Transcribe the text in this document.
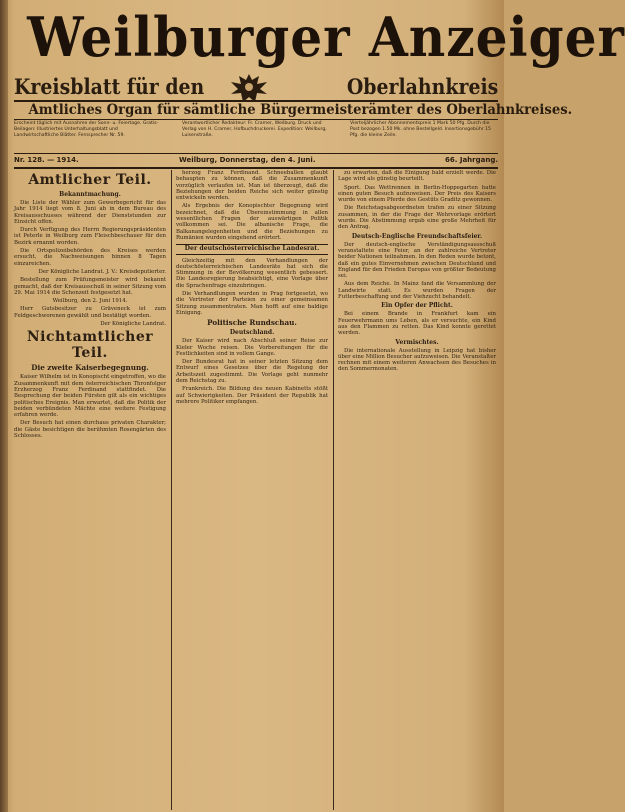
Weilburger Anzeiger
Kreisblatt für den	Oberlahnkreis
Amtliches Organ für sämtliche Bürgermeisterämter des Oberlahnkreises.
Erscheint täglich mit Ausnahme der Sonn- u. Feiertage. Gratis-Beilagen: Illustriertes Unterhaltungsblatt und Landwirtschaftliche Blätter. Fernsprecher Nr. 59.
Verantwortlicher Redakteur: Fr. Cramer, Weilburg. Druck und Verlag von H. Cramer, Hofbuchdruckerei. Expedition: Weilburg, Luisenstraße.
Vierteljährlicher Abonnementspreis 1 Mark 50 Pfg. Durch die Post bezogen 1.50 Mk. ohne Bestellgeld. Insertionsgebühr 15 Pfg. die kleine Zeile.
Nr. 128. — 1914.	Weilburg, Donnerstag, den 4. Juni.	66. Jahrgang.
Amtlicher Teil.
Bekanntmachung.

Die Liste der Wähler zum Gewerbegericht für das Jahr 1914 liegt vom 8. Juni ab in dem Bureau des Kreisausschusses während der Dienststunden zur Einsicht offen.

Durch Verfügung des Herrn Regierungspräsidenten ist Peterle in Weilburg zum Fleischbeschauer für den Bezirk ernannt worden.

Die Ortspolizeibehörden des Kreises werden ersucht, die Nachweisungen binnen 8 Tagen einzureichen.

Der Königliche Landrat. J. V.: Kreisdeputierter.

Bestellung zum Prüfungsmeister wird bekannt gemacht, daß der Kreisausschuß in seiner Sitzung vom 29. Mai 1914 die Schonzeit festgesetzt hat.

Weilburg, den 2. Juni 1914.

Herr Gutsbesitzer zu Gräveneck ist zum Feldgeschworenen gewählt und bestätigt worden.

Der Königliche Landrat.

Nichtamtlicher Teil.
Die zweite Kaiserbegegnung.

Kaiser Wilhelm ist in Konopischt eingetroffen, wo die Zusammenkunft mit dem österreichischen Thronfolger Erzherzog Franz Ferdinand stattfindet. Die Besprechung der beiden Fürsten gilt als ein wichtiges politisches Ereignis. Man erwartet, daß die Politik der beiden verbündeten Mächte eine weitere Festigung erfahren werde.

Der Besuch hat einen durchaus privaten Charakter; die Gäste besichtigen die berühmten Rosengärten des Schlosses.

herzog Franz Ferdinand. Schneeballen glaubt behaupten zu können, daß die Zusammenkunft vorzüglich verlaufen ist. Man ist überzeugt, daß die Beziehungen der beiden Reiche sich weiter günstig entwickeln werden.

Als Ergebnis der Konopischter Begegnung wird bezeichnet, daß die Übereinstimmung in allen wesentlichen Fragen der auswärtigen Politik vollkommen sei. Die albanische Frage, die Balkanangelegenheiten und die Beziehungen zu Rumänien wurden eingehend erörtert.

Der deutschösterreichische Landesrat.

Gleichzeitig mit den Verhandlungen der deutschösterreichischen Landesräte hat sich die Stimmung in der Bevölkerung wesentlich gebessert. Die Landesregierung beabsichtigt, eine Vorlage über die Sprachenfrage einzubringen.

Die Verhandlungen wurden in Prag fortgesetzt, wo die Vertreter der Parteien zu einer gemeinsamen Sitzung zusammentraten. Man hofft auf eine baldige Einigung.

Politische Rundschau.
Deutschland.

Der Kaiser wird nach Abschluß seiner Reise zur Kieler Woche reisen. Die Vorbereitungen für die Festlichkeiten sind in vollem Gange.

Der Bundesrat hat in seiner letzten Sitzung dem Entwurf eines Gesetzes über die Regelung der Arbeitszeit zugestimmt. Die Vorlage geht nunmehr dem Reichstag zu.

Frankreich. Die Bildung des neuen Kabinetts stößt auf Schwierigkeiten. Der Präsident der Republik hat mehrere Politiker empfangen.

zu erwarten, daß die Einigung bald erzielt werde. Die Lage wird als günstig beurteilt.

Sport. Das Wettrennen in Berlin-Hoppegarten hatte einen guten Besuch aufzuweisen. Der Preis des Kaisers wurde von einem Pferde des Gestüts Graditz gewonnen.

Die Reichstagsabgeordneten trafen zu einer Sitzung zusammen, in der die Frage der Wehrvorlage erörtert wurde. Die Abstimmung ergab eine große Mehrheit für den Antrag.

Deutsch-Englische Freundschaftsfeier.

Der deutsch-englische Verständigungsausschuß veranstaltete eine Feier, an der zahlreiche Vertreter beider Nationen teilnahmen. In den Reden wurde betont, daß ein gutes Einvernehmen zwischen Deutschland und England für den Frieden Europas von größter Bedeutung sei.

Aus dem Reiche. In Mainz fand die Versammlung der Landwirte statt. Es wurden Fragen der Futterbeschaffung und der Viehzucht behandelt.

Ein Opfer der Pflicht.

Bei einem Brande in Frankfurt kam ein Feuerwehrmann ums Leben, als er versuchte, ein Kind aus den Flammen zu retten. Das Kind konnte gerettet werden.

Vermischtes.

Die internationale Ausstellung in Leipzig hat bisher über eine Million Besucher aufzuweisen. Die Veranstalter rechnen mit einem weiteren Anwachsen des Besuches in den Sommermonaten.
